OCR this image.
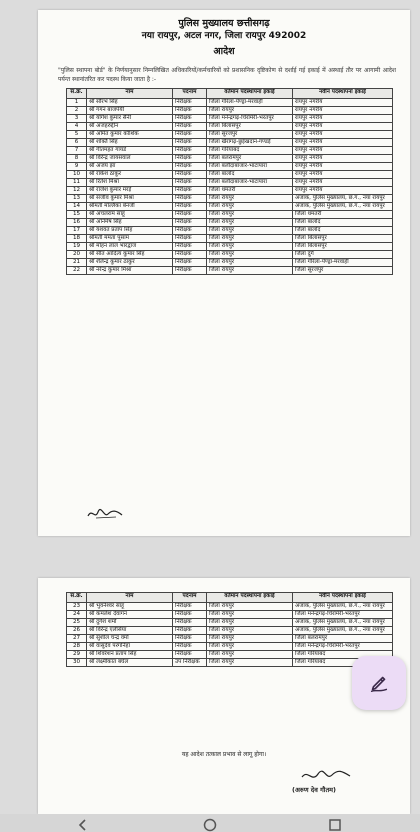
पुलिस मुख्यालय छत्तीसगढ़
नया रायपुर, अटल नगर, जिला रायपुर 492002
आदेश
"पुलिस स्थापना बोर्ड" के निर्णयानुसार निम्नलिखित अधिकारियों/कर्मचारियों को प्रशासनिक दृष्टिकोण से दर्शाई गई इकाई में अस्थाई तौर पर आगामी आदेश पर्यन्त स्थानांतरित कर पदस्थ किया जाता है :-
स.क्र.	नाम	पदनाम	वर्तमान पदस्थापना इकाई	नवीन पदस्थापना इकाई
1	श्री सौरभ सिंह	निरीक्षक	जिला गौरेला-पेण्ड्रा-मरवाही	रायपुर नगरीय
2	श्री गगन बाजपेयी	निरीक्षक	जिला रायपुर	रायपुर नगरीय
3	श्री योगेश कुमार सैनी	निरीक्षक	जिला मनेन्द्रगढ़-चिरमिरी-भरतपुर	रायपुर नगरीय
4	श्री अजहरुद्दीन	निरीक्षक	जिला बिलासपुर	रायपुर नगरीय
5	श्री अमित कुमार कौशिक	निरीक्षक	जिला सूरजपुर	रायपुर नगरीय
6	श्री शक्ति सिंह	निरीक्षक	जिला खैरागढ़-छुईखदान-गण्डई	रायपुर नगरीय
7	श्री गीतमहंत गायडे	निरीक्षक	जिला गरियाबंद	रायपुर नगरीय
8	श्री विरेन्द्र जायसवाल	निरीक्षक	जिला बलरामपुर	रायपुर नगरीय
9	श्री अजय झा	निरीक्षक	जिला बलौदाबाजार-भाटापारा	रायपुर नगरीय
10	श्री राकेश ठाकुर	निरीक्षक	जिला बालोद	रायपुर नगरीय
11	श्री रितेश मिश्रा	निरीक्षक	जिला बलौदाबाजार-भाटापारा	रायपुर नगरीय
12	श्री राजेश कुमार मरई	निरीक्षक	जिला धमतरी	रायपुर नगरीय
13	श्री संजीव कुमार मिश्रा	निरीक्षक	जिला रायपुर	अजाक, पुलिस मुख्यालय, छ.ग., नया रायपुर
14	श्रीमती मल्लिका बेनर्जी	निरीक्षक	जिला रायपुर	अजाक, पुलिस मुख्यालय, छ.ग., नया रायपुर
15	श्री अचलराम साहू	निरीक्षक	जिला रायपुर	जिला धमतरी
16	श्री अनिमेष सिंह	निरीक्षक	जिला रायपुर	जिला बालोद
17	श्री यशवंत प्रताप सिंह	निरीक्षक	जिला रायपुर	जिला बालोद
18	श्रीमती ममता पुसाम	निरीक्षक	जिला रायपुर	जिला बिलासपुर
19	श्री मोहन लाल भारद्वाज	निरीक्षक	जिला रायपुर	जिला बिलासपुर
20	श्री सीत आदित्य कुमार सिंह	निरीक्षक	जिला रायपुर	जिला दुर्ग
21	श्री शैलेन्द्र कुमार ठाकुर	निरीक्षक	जिला रायपुर	जिला गौरेला-पेण्ड्रा-मरवाही
22	श्री नरेन्द्र कुमार मिश्रा	निरीक्षक	जिला रायपुर	जिला सूरजपुर
स.क्र.	नाम	पदनाम	वर्तमान पदस्थापना इकाई	नवीन पदस्थापना इकाई
23	श्री भुवनेश्वर साहू	निरीक्षक	जिला रायपुर	अजाक, पुलिस मुख्यालय, छ.ग., नया रायपुर
24	श्री कमलेश देवांगन	निरीक्षक	जिला रायपुर	जिला मनेन्द्रगढ़-चिरमिरी-भरतपुर
25	श्री दुर्गेश शर्मा	निरीक्षक	जिला रायपुर	अजाक, पुलिस मुख्यालय, छ.ग., नया रायपुर
26	श्री विरेन्द्र एलेसिया	निरीक्षक	जिला रायपुर	अजाक, पुलिस मुख्यालय, छ.ग., नया रायपुर
27	श्री सुशील चन्द्र वर्मा	निरीक्षक	जिला रायपुर	जिला बलरामपुर
28	श्री वासुदेव परगनिहा	निरीक्षक	जिला रायपुर	जिला मनेन्द्रगढ़-चिरमिरी-भरतपुर
29	श्री शिवरेशन प्रताप सिंह	निरीक्षक	जिला रायपुर	जिला गरियाबंद
30	श्री लक्ष्मीकांत बघेल	उप निरीक्षक	जिला रायपुर	जिला गरियाबंद
यह आदेश तत्काल प्रभाव से लागू होगा।
(अरुण देव गौतम)
